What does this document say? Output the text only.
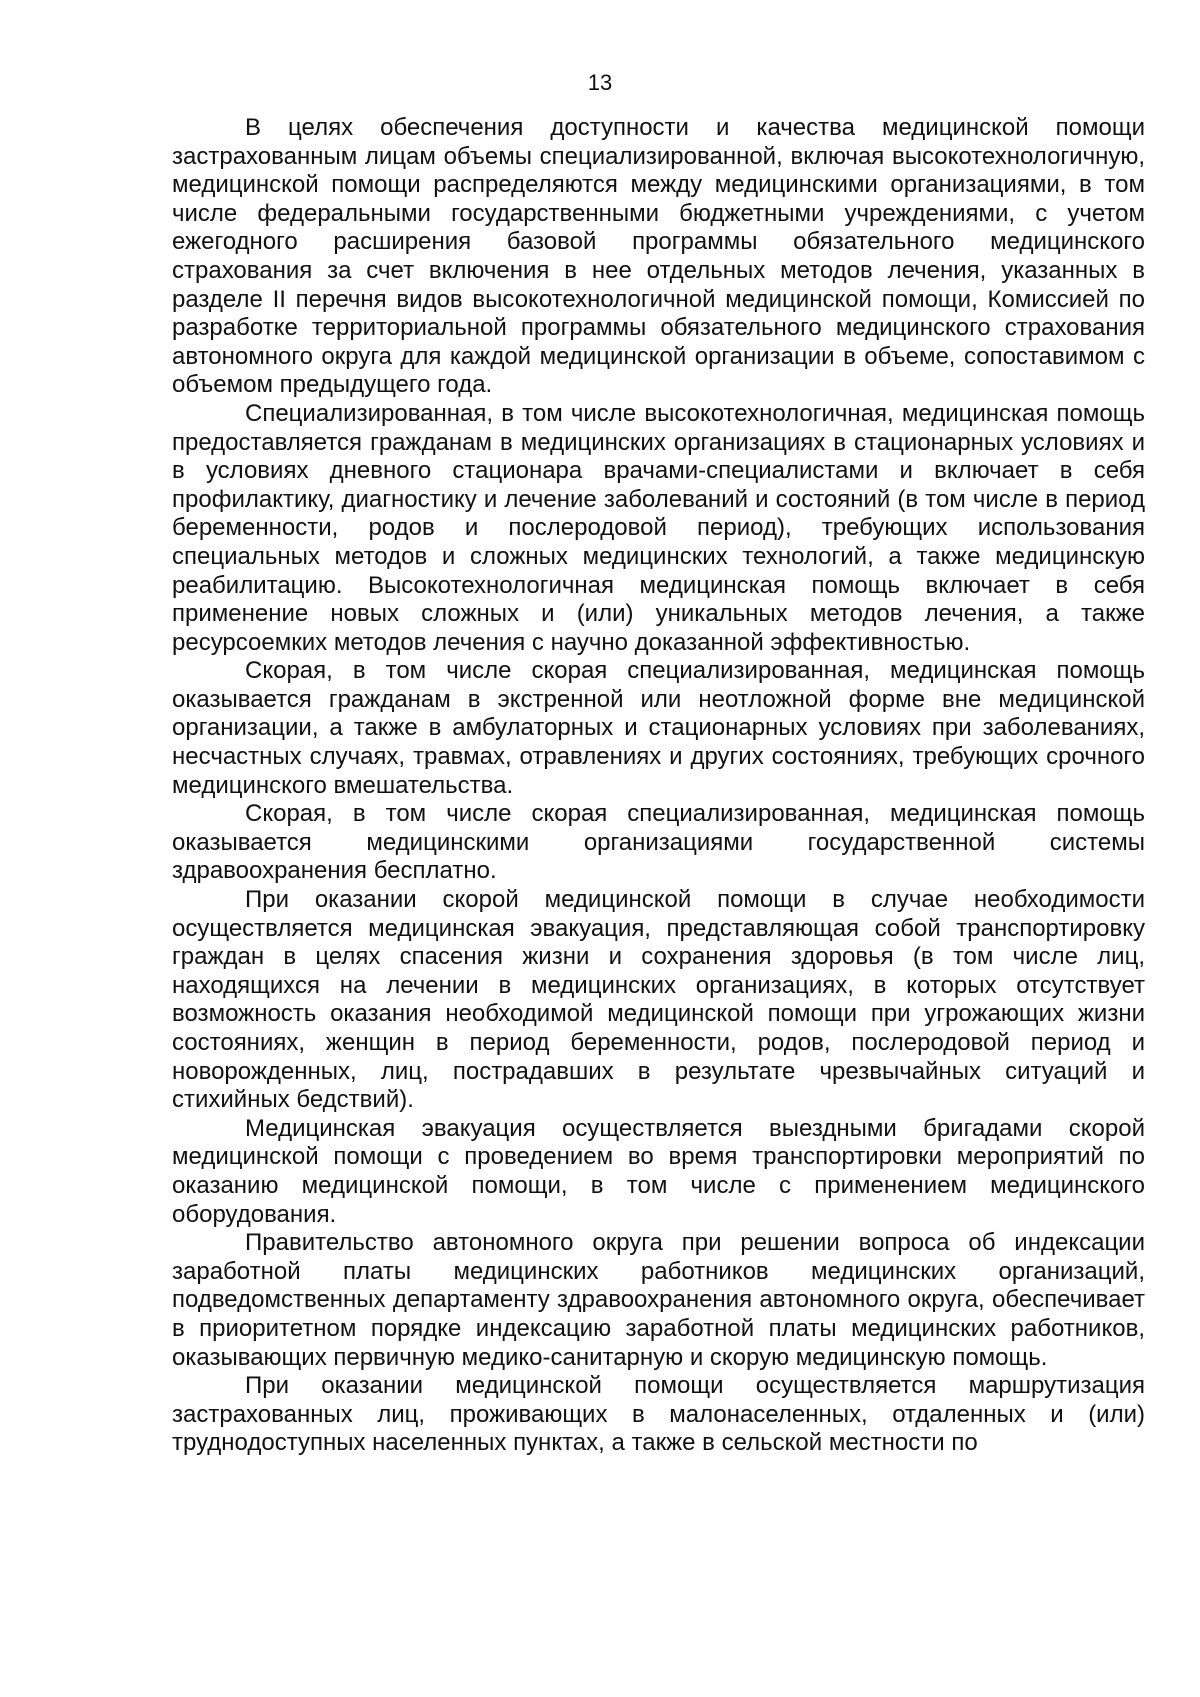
13

В целях обеспечения доступности и качества медицинской помощи застрахованным лицам объемы специализированной, включая высокотехнологичную, медицинской помощи распределяются между медицинскими организациями, в том числе федеральными государственными бюджетными учреждениями, с учетом ежегодного расширения базовой программы обязательного медицинского страхования за счет включения в нее отдельных методов лечения, указанных в разделе II перечня видов высокотехнологичной медицинской помощи, Комиссией по разработке территориальной программы обязательного медицинского страхования автономного округа для каждой медицинской организации в объеме, сопоставимом с объемом предыдущего года.

Специализированная, в том числе высокотехнологичная, медицинская помощь предоставляется гражданам в медицинских организациях в стационарных условиях и в условиях дневного стационара врачами-специалистами и включает в себя профилактику, диагностику и лечение заболеваний и состояний (в том числе в период беременности, родов и послеродовой период), требующих использования специальных методов и сложных медицинских технологий, а также медицинскую реабилитацию. Высокотехнологичная медицинская помощь включает в себя применение новых сложных и (или) уникальных методов лечения, а также ресурсоемких методов лечения с научно доказанной эффективностью.

Скорая, в том числе скорая специализированная, медицинская помощь оказывается гражданам в экстренной или неотложной форме вне медицинской организации, а также в амбулаторных и стационарных условиях при заболеваниях, несчастных случаях, травмах, отравлениях и других состояниях, требующих срочного медицинского вмешательства.

Скорая, в том числе скорая специализированная, медицинская помощь оказывается медицинскими организациями государственной системы здравоохранения бесплатно.

При оказании скорой медицинской помощи в случае необходимости осуществляется медицинская эвакуация, представляющая собой транспортировку граждан в целях спасения жизни и сохранения здоровья (в том числе лиц, находящихся на лечении в медицинских организациях, в которых отсутствует возможность оказания необходимой медицинской помощи при угрожающих жизни состояниях, женщин в период беременности, родов, послеродовой период и новорожденных, лиц, пострадавших в результате чрезвычайных ситуаций и стихийных бедствий).

Медицинская эвакуация осуществляется выездными бригадами скорой медицинской помощи с проведением во время транспортировки мероприятий по оказанию медицинской помощи, в том числе с применением медицинского оборудования.

Правительство автономного округа при решении вопроса об индексации заработной платы медицинских работников медицинских организаций, подведомственных департаменту здравоохранения автономного округа, обеспечивает в приоритетном порядке индексацию заработной платы медицинских работников, оказывающих первичную медико-санитарную и скорую медицинскую помощь.

При оказании медицинской помощи осуществляется маршрутизация застрахованных лиц, проживающих в малонаселенных, отдаленных и (или) труднодоступных населенных пунктах, а также в сельской местности по
